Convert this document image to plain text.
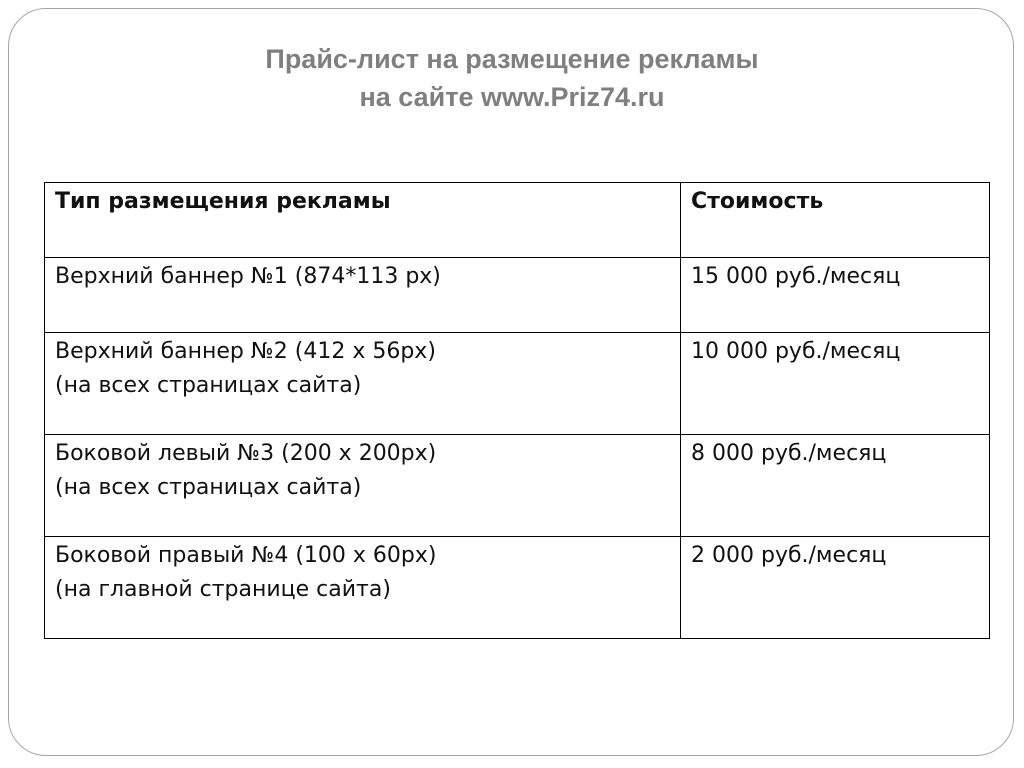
Прайс-лист на размещение рекламы
на сайте www.Priz74.ru
Тип размещения рекламы	Стоимость

Верхний баннер №1 (874*113 px)	15 000 руб./месяц

Верхний баннер №2 (412 х 56px)
(на всех страницах сайта)	10 000 руб./месяц

Боковой левый №3 (200 х 200px)
(на всех страницах сайта)	8 000 руб./месяц

Боковой правый №4 (100 х 60px)
(на главной странице сайта)	2 000 руб./месяц
